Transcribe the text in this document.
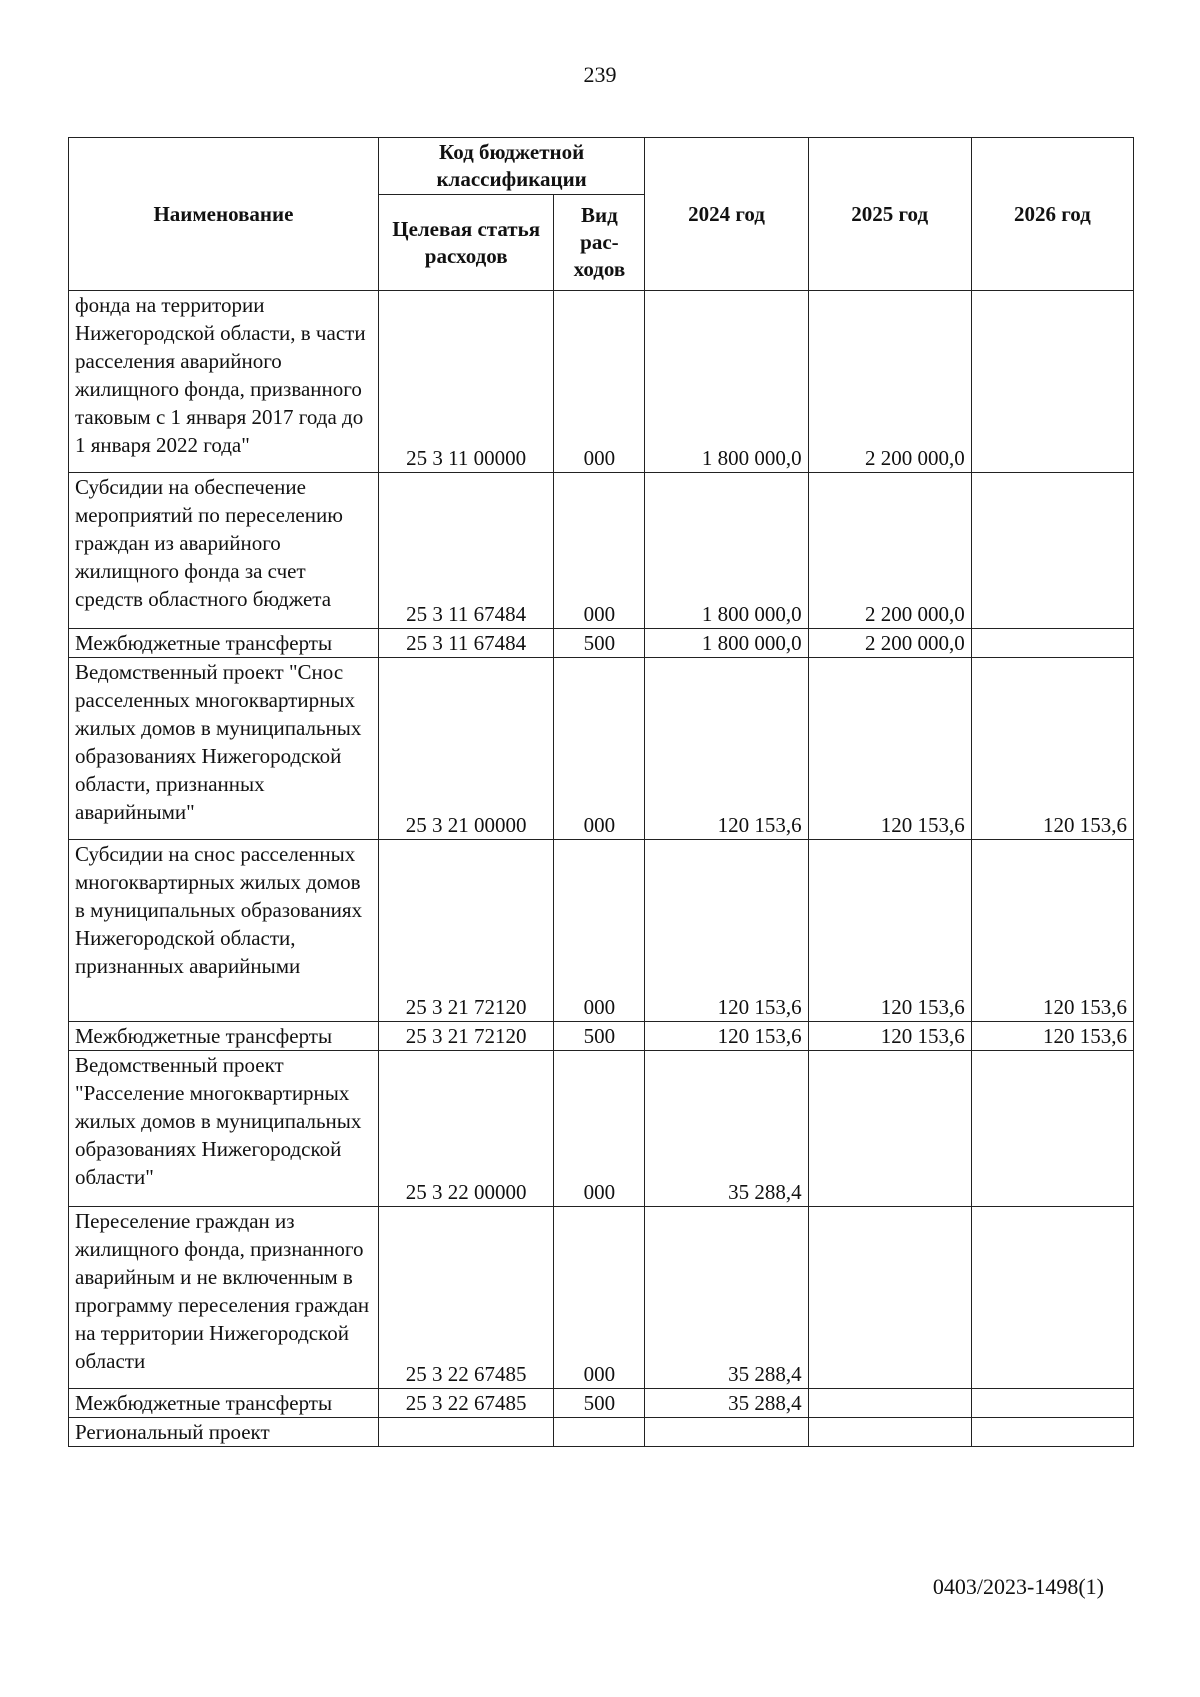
239
Наименование	Код бюджетной классификации		2024 год	2025 год	2026 год
	Целевая статья расходов	Вид рас-ходов			
фонда на территории Нижегородской области, в части расселения аварийного жилищного фонда, призванного таковым с 1 января 2017 года до 1 января 2022 года"	25 3 11 00000	000	1 800 000,0	2 200 000,0	
Субсидии на обеспечение мероприятий по переселению граждан из аварийного жилищного фонда за счет средств областного бюджета	25 3 11 67484	000	1 800 000,0	2 200 000,0	
Межбюджетные трансферты	25 3 11 67484	500	1 800 000,0	2 200 000,0	
Ведомственный проект "Снос расселенных многоквартирных жилых домов в муниципальных образованиях Нижегородской области, признанных аварийными"	25 3 21 00000	000	120 153,6	120 153,6	120 153,6
Субсидии на снос расселенных многоквартирных жилых домов в муниципальных образованиях Нижегородской области, признанных аварийными	25 3 21 72120	000	120 153,6	120 153,6	120 153,6
Межбюджетные трансферты	25 3 21 72120	500	120 153,6	120 153,6	120 153,6
Ведомственный проект "Расселение многоквартирных жилых домов в муниципальных образованиях Нижегородской области"	25 3 22 00000	000	35 288,4		
Переселение граждан из жилищного фонда, признанного аварийным и не включенным в программу переселения граждан на территории Нижегородской области	25 3 22 67485	000	35 288,4		
Межбюджетные трансферты	25 3 22 67485	500	35 288,4		
Региональный проект					
0403/2023-1498(1)
